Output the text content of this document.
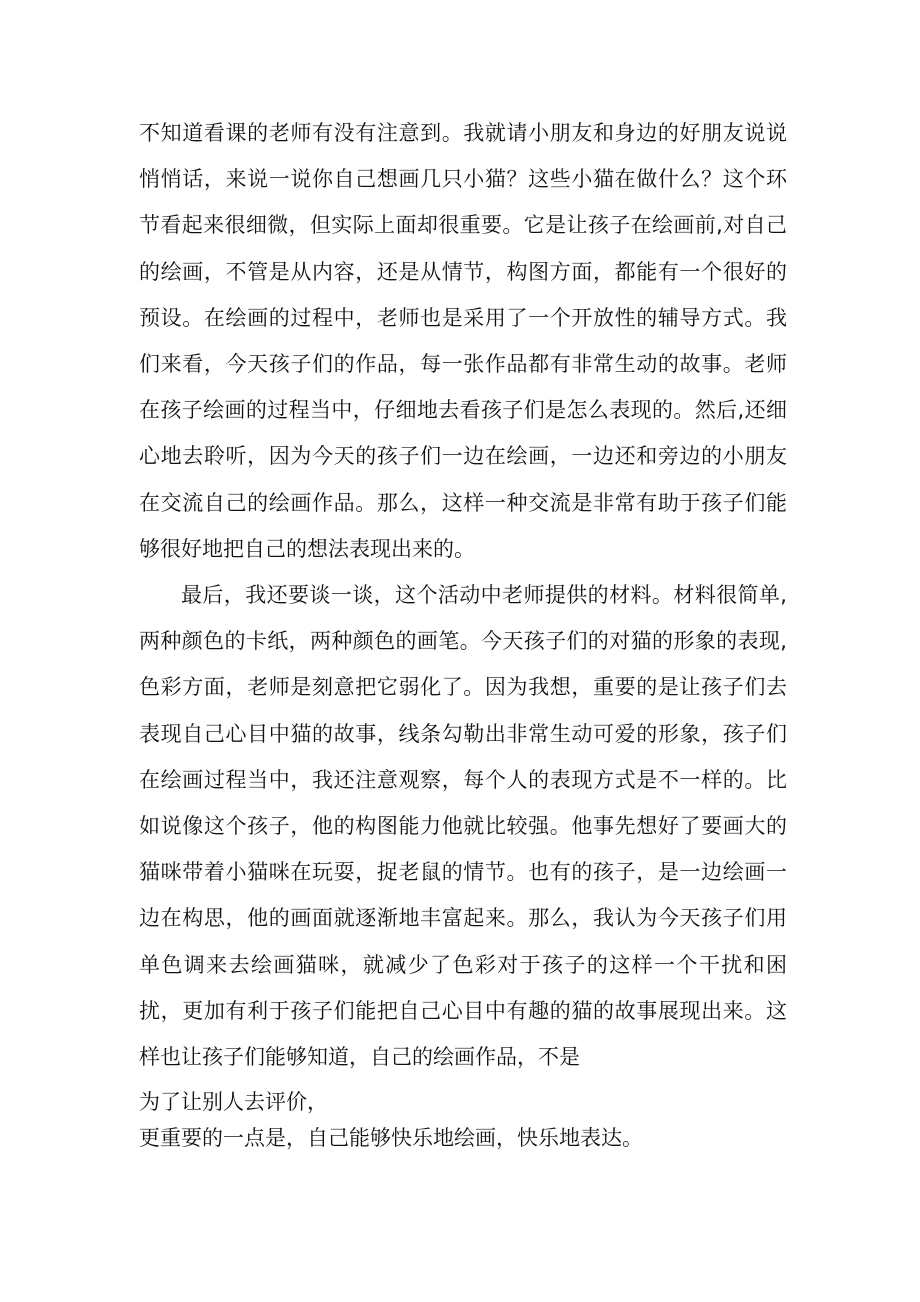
不知道看课的老师有没有注意到。我就请小朋友和身边的好朋友说说悄悄话，来说一说你自己想画几只小猫？这些小猫在做什么？这个环节看起来很细微，但实际上面却很重要。它是让孩子在绘画前,对自己的绘画，不管是从内容，还是从情节，构图方面，都能有一个很好的预设。在绘画的过程中，老师也是采用了一个开放性的辅导方式。我们来看，今天孩子们的作品，每一张作品都有非常生动的故事。老师在孩子绘画的过程当中，仔细地去看孩子们是怎么表现的。然后,还细心地去聆听，因为今天的孩子们一边在绘画，一边还和旁边的小朋友在交流自己的绘画作品。那么，这样一种交流是非常有助于孩子们能够很好地把自己的想法表现出来的。

最后，我还要谈一谈，这个活动中老师提供的材料。材料很简单,两种颜色的卡纸，两种颜色的画笔。今天孩子们的对猫的形象的表现,色彩方面，老师是刻意把它弱化了。因为我想，重要的是让孩子们去表现自己心目中猫的故事，线条勾勒出非常生动可爱的形象，孩子们在绘画过程当中，我还注意观察，每个人的表现方式是不一样的。比如说像这个孩子，他的构图能力他就比较强。他事先想好了要画大的猫咪带着小猫咪在玩耍，捉老鼠的情节。也有的孩子，是一边绘画一边在构思，他的画面就逐渐地丰富起来。那么，我认为今天孩子们用单色调来去绘画猫咪，就减少了色彩对于孩子的这样一个干扰和困扰，更加有利于孩子们能把自己心目中有趣的猫的故事展现出来。这样也让孩子们能够知道，自己的绘画作品，不是

为了让别人去评价，
更重要的一点是，自己能够快乐地绘画，快乐地表达。
